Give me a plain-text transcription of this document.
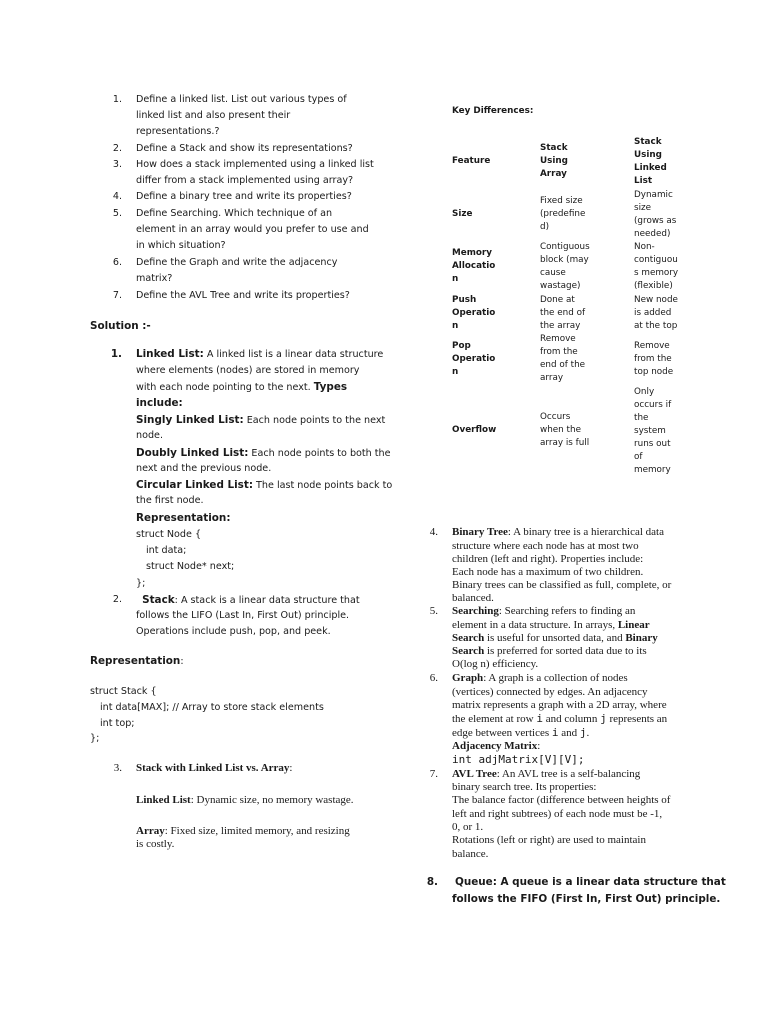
1. Define a linked list. List out various types of
linked list and also present their
representations.?
2. Define a Stack and show its representations?
3. How does a stack implemented using a linked list
differ from a stack implemented using array?
4. Define a binary tree and write its properties?
5. Define Searching. Which technique of an
element in an array would you prefer to use and
in which situation?
6. Define the Graph and write the adjacency
matrix?
7. Define the AVL Tree and write its properties?
Solution :-
1. Linked List: A linked list is a linear data structure
where elements (nodes) are stored in memory
with each node pointing to the next. Types
include:
Singly Linked List: Each node points to the next
node.
Doubly Linked List: Each node points to both the
next and the previous node.
Circular Linked List: The last node points back to
the first node.
Representation:
struct Node {
int data;
struct Node* next;
};
2.	Stack: A stack is a linear data structure that
follows the LIFO (Last In, First Out) principle.
Operations include push, pop, and peek.
Representation:
struct Stack {
int data[MAX]; // Array to store stack elements
int top;
};
3. Stack with Linked List vs. Array:
Linked List: Dynamic size, no memory wastage.
Array: Fixed size, limited memory, and resizing
is costly.
Key Differences:
Feature
Stack
Using
Array
Stack
Using
Linked
List
Size
Fixed size
(predefine
d)
Dynamic
size
(grows as
needed)
Memory
Allocatio
n
Contiguous
block (may
cause
wastage)
Non-
contiguou
s memory
(flexible)
Push
Operatio
n
Done at
the end of
the array
New node
is added
at the top
Pop
Operatio
n
Remove
from the
end of the
array
Remove
from the
top node
Overflow
Occurs
when the
array is full
Only
occurs if
the
system
runs out
of
memory
4. Binary Tree: A binary tree is a hierarchical data
structure where each node has at most two
children (left and right). Properties include:
Each node has a maximum of two children.
Binary trees can be classified as full, complete, or
balanced.
5. Searching: Searching refers to finding an
element in a data structure. In arrays, Linear
Search is useful for unsorted data, and Binary
Search is preferred for sorted data due to its
O(log n) efficiency.
6. Graph: A graph is a collection of nodes
(vertices) connected by edges. An adjacency
matrix represents a graph with a 2D array, where
the element at row i and column j represents an
edge between vertices i and j.
Adjacency Matrix:
int adjMatrix[V][V];
7. AVL Tree: An AVL tree is a self-balancing
binary search tree. Its properties:
The balance factor (difference between heights of
left and right subtrees) of each node must be -1,
0, or 1.
Rotations (left or right) are used to maintain
balance.
8. Queue: A queue is a linear data structure that
follows the FIFO (First In, First Out) principle.
